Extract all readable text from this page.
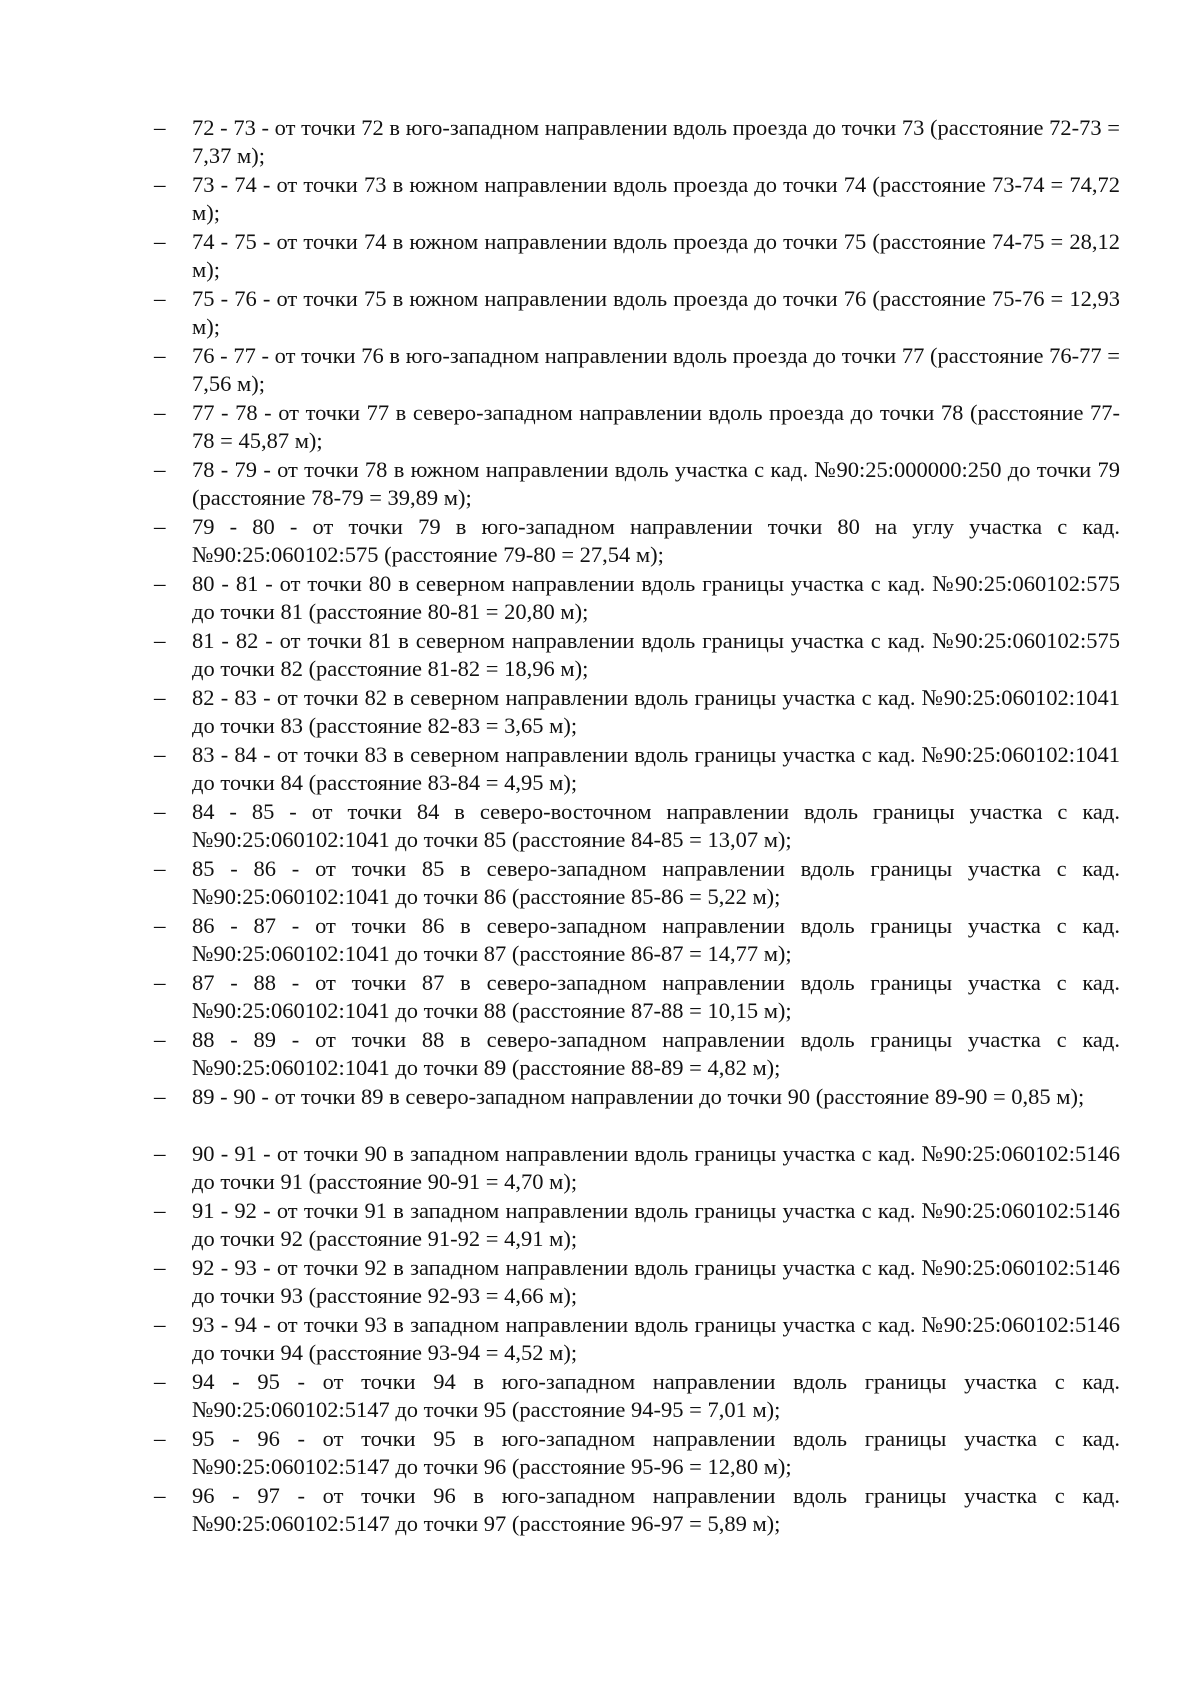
– 72 - 73 - от точки 72 в юго-западном направлении вдоль проезда до точки 73 (расстояние 72-73 = 7,37 м);
– 73 - 74 - от точки 73 в южном направлении вдоль проезда до точки 74 (расстояние 73-74 = 74,72 м);
– 74 - 75 - от точки 74 в южном направлении вдоль проезда до точки 75 (расстояние 74-75 = 28,12 м);
– 75 - 76 - от точки 75 в южном направлении вдоль проезда до точки 76 (расстояние 75-76 = 12,93 м);
– 76 - 77 - от точки 76 в юго-западном направлении вдоль проезда до точки 77 (расстояние 76-77 = 7,56 м);
– 77 - 78 - от точки 77 в северо-западном направлении вдоль проезда до точки 78 (расстояние 77-78 = 45,87 м);
– 78 - 79 - от точки 78 в южном направлении вдоль участка с кад. №90:25:000000:250 до точки 79 (расстояние 78-79 = 39,89 м);
– 79 - 80 - от точки 79 в юго-западном направлении точки 80 на углу участка с кад. №90:25:060102:575 (расстояние 79-80 = 27,54 м);
– 80 - 81 - от точки 80 в северном направлении вдоль границы участка с кад. №90:25:060102:575 до точки 81 (расстояние 80-81 = 20,80 м);
– 81 - 82 - от точки 81 в северном направлении вдоль границы участка с кад. №90:25:060102:575 до точки 82 (расстояние 81-82 = 18,96 м);
– 82 - 83 - от точки 82 в северном направлении вдоль границы участка с кад. №90:25:060102:1041 до точки 83 (расстояние 82-83 = 3,65 м);
– 83 - 84 - от точки 83 в северном направлении вдоль границы участка с кад. №90:25:060102:1041 до точки 84 (расстояние 83-84 = 4,95 м);
– 84 - 85 - от точки 84 в северо-восточном направлении вдоль границы участка с кад. №90:25:060102:1041 до точки 85 (расстояние 84-85 = 13,07 м);
– 85 - 86 - от точки 85 в северо-западном направлении вдоль границы участка с кад. №90:25:060102:1041 до точки 86 (расстояние 85-86 = 5,22 м);
– 86 - 87 - от точки 86 в северо-западном направлении вдоль границы участка с кад. №90:25:060102:1041 до точки 87 (расстояние 86-87 = 14,77 м);
– 87 - 88 - от точки 87 в северо-западном направлении вдоль границы участка с кад. №90:25:060102:1041 до точки 88 (расстояние 87-88 = 10,15 м);
– 88 - 89 - от точки 88 в северо-западном направлении вдоль границы участка с кад. №90:25:060102:1041 до точки 89 (расстояние 88-89 = 4,82 м);
– 89 - 90 - от точки 89 в северо-западном направлении до точки 90 (расстояние 89-90 = 0,85 м);
– 90 - 91 - от точки 90 в западном направлении вдоль границы участка с кад. №90:25:060102:5146 до точки 91 (расстояние 90-91 = 4,70 м);
– 91 - 92 - от точки 91 в западном направлении вдоль границы участка с кад. №90:25:060102:5146 до точки 92 (расстояние 91-92 = 4,91 м);
– 92 - 93 - от точки 92 в западном направлении вдоль границы участка с кад. №90:25:060102:5146 до точки 93 (расстояние 92-93 = 4,66 м);
– 93 - 94 - от точки 93 в западном направлении вдоль границы участка с кад. №90:25:060102:5146 до точки 94 (расстояние 93-94 = 4,52 м);
– 94 - 95 - от точки 94 в юго-западном направлении вдоль границы участка с кад. №90:25:060102:5147 до точки 95 (расстояние 94-95 = 7,01 м);
– 95 - 96 - от точки 95 в юго-западном направлении вдоль границы участка с кад. №90:25:060102:5147 до точки 96 (расстояние 95-96 = 12,80 м);
– 96 - 97 - от точки 96 в юго-западном направлении вдоль границы участка с кад. №90:25:060102:5147 до точки 97 (расстояние 96-97 = 5,89 м);
